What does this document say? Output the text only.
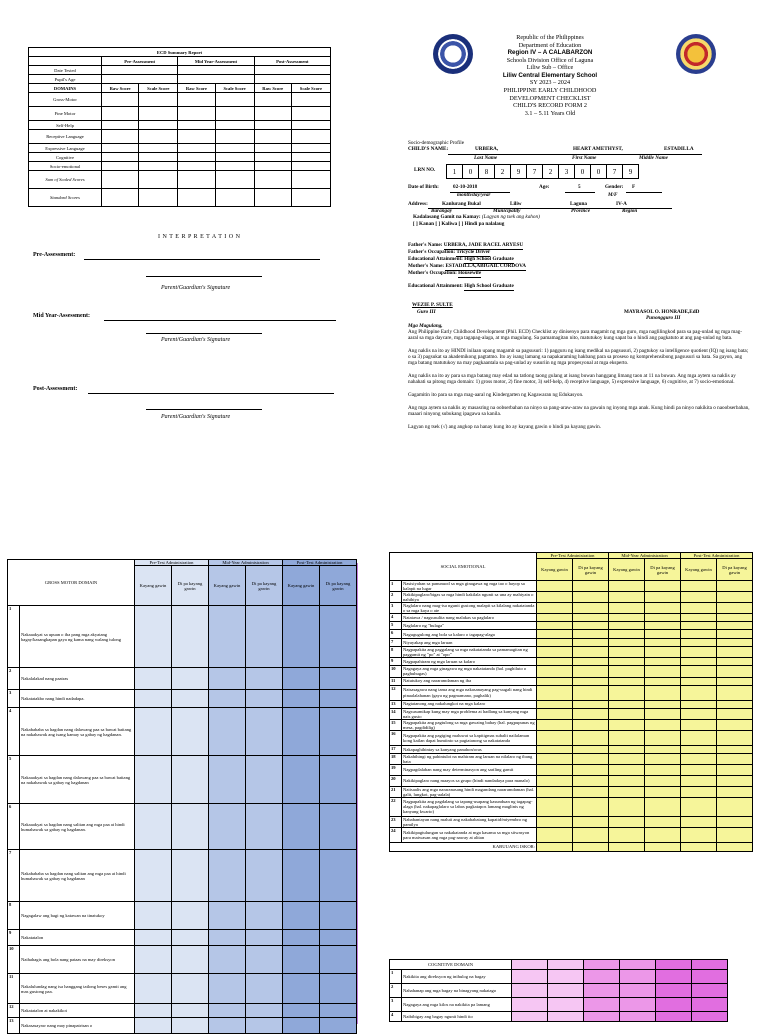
ECD Summary Report						
	Pre-Assessment		Mid Year-Assessment		Post-Assessment	
Date Tested						
Pupil's Age						
DOMAINS	Raw Score	Scale Score	Raw Score	Scale Score	Raw Score	Scale Score
Gross-Motor						
Fine Motor						
Self-Help						
Receptive Language						
Expressive Language						
Cognitive						
Socio-emotional						
Sum of Scaled Scores						
Standard Scores						
I N T E R P R E T A T I O N
Pre-Assessment:
Parent/Guardian's Signature
Mid Year-Assessment:
Parent/Guardian's Signature
Post-Assessment:
Parent/Guardian's Signature
Republic of the Philippines
Department of Education
Region IV – A CALABARZON
Schools Division Office of Laguna
Liliw Sub – Office
Liliw Central Elementary School
SY 2023 – 2024
PHILIPPINE EARLY CHILDHOOD
DEVELOPMENT CHECKLIST
CHILD'S RECORD FORM 2
3.1 – 5.11 Years Old
Socio-demographic Profile
CHILD'S NAME:	URBERA,	HEART AMETHYST,	ESTADILLA
Last Name	First Name	Middle Name
LRN NO. 1	0	8	2	9	7	2	3	0	0	7	9
Date of Birth:	02-10-2018
month/day/year
Age:	5	Gender: F
M/F
Address:	Kanlurang Bukal	Liliw	Laguna	IV-A
Barangay	Municipality	Province	Region
Kadalasang Gamit na Kamay: (Lagyan ng tsek ang kahon)
[ ] Kanan [ ] Kaliwa [ ] Hindi pa nalalaug
Father's Name: URBERA, JADE RACEL ARYESU
Father's Occupation: Tricycle Driver
Educational Attainment: High School Graduate
Mother's Name: ESTADILLA,ABIGAIL CORDOVA
Mother's Occupation: Housewife
Educational Attainment: High School Graduate
WEZIE P. SULTE
Guro III	MAYRASOL O. HONRADE,EdD
Punongguro III
Mga Magulang,
Ang Philippine Early Childhood Development (Phil. ECD) Checklist ay dinisenyo para magamit ng mga guro, mga naglilingkod para sa pag-unlad ng mga mag-aaral sa mga daycare, mga tagapag-alaga, at mga magulang. Sa pamamagitan nito, matutukoy kung sapat ba o hindi ang pagkatuto at ang pag-unlad ng bata.
Ang naklis na ito ay HINDI inilaan upang magamit sa pagsusuri: 1) pagguru ng isang medikal na pagsusuri, 2) pagtukoy sa intelligence quotient (IQ) ng isang bata; o sa 3) pagsukat sa akademikong pagtatmo. Ito ay isang lamang sa napakaraming hakbang para sa proseso ng komprehensibong pagsusuri sa bata. Sa gayon, ang mga batang matutukoy na may pagkaantala sa pag-unlad ay susuriin ng mga propesyonal at mga eksperto.
Ang naklis na ito ay para sa mga batang may edad na tatlong taong gulang at isang buwan hanggang limang taon at 11 na buwan. Ang mga aytem sa naklis ay nahahati sa pitong mga domain: 1) gross motor, 2) fine motor, 3) self-help, 4) receptive language, 5) expressive language, 6) cognitive, at 7) socio-emotional.
Gagamitin ito para sa mga mag-aaral ng Kindergarten ng Kagawaran ng Edukasyon.
Ang mga aytem sa naklis ay masasring na oobserbahan na ninyo sa pang-araw-araw na gawain ng inyong mga anak. Kung hindi pa ninyo nakikita o naoobserbahan, maaari ninyong subukang ipagawa sa kanila.
Lagyan ng tsek (√) ang angkop na hanay kung ito ay kayang gawin o hindi pa kayang gawin.
GROSS MOTOR DOMAIN		Pre-Test Administration		Mid-Year Administration		Post-Test Administration	
		Kayang gawin	Di pa kayang gawin	Kayang gawin	Di pa kayang gawin	Kayang gawin	Di pa kayang gawin
1	Nakaaakyat sa upuan o iba pang mga akyatang bagay/kasangkapan gaya ng kama nang walang tulong						
2	Nakalalakad nang paatras						
3	Nakatatakbo nang hindi nadadapa.						
4	Nakabababa sa hagdan nang dalawang paa sa bawat baitang na nakahawak ang isang kamay sa gabay ng hagdanan.						
5	Nakaaakyat sa hagdan nang dalawang paa sa bawat baitang na nakahawak sa gabay ng hagdanan						
6	Nakaaakyat sa hagdan nang salitan ang mga paa at hindi humahawak sa gabay ng hagdanan.						
7	Nakabababa sa hagdan nang salitan ang mga paa at hindi humahawak sa gabay ng hagdanan						
8	Nagagalaw ang bagi ng katawan na tinatukoy						
9	Nakatatalon						
10	Naihahagis ang bola nang pataas na may direksyon						
11	Nakalulundag nang isa hanggang tatlong beses gamit ang mas gustong paa.						
12	Nakatatalon at nakakikot						
13	Nakasasayaw nang may pinapatrisan o						
SOCIAL EMOTIONAL		Pre-Test Administration		Mid-Year Administration		Post-Test Administration	
		Kayang gawin	Di pa kayang gawin	Kayang gawin	Di pa kayang gawin	Kayang gawin	Di pa kayang gawin
1	Nasisiyahan sa panunuod sa mga ginagawa ng mga tao o hayop sa kalapit na lugar						
2	Nakikipaglaro/bigas sa mga hindi kakilala ngunit sa una ay mahiyain o nahihiya						
3	Naglalaro nang mag-isa ngunit gustong malapit sa kilalang nakatatanda o sa mga kaya o ate						
4	Natatawa / nagsusulita nang malakas sa paglalaro						
5	Naglalaro ng "bulaga"						
6	Nagugugulong ang bola sa kalaro o tagapag-alaga						
7	Niyayakap ang mga laruan						
8	Nagpapakita ang paggalang sa mga nakatatanda sa pamamagitan ng paggamit ng "po" at "opo"						
9	Nagpapahiram ng mga laruan sa kalaro						
10	Nagagaya ang mga ginagawa ng mga nakatatanda (hal. paghiluto o paghuhugas)						
11	Natutukoy ang nararamdaman ng iba						
12	Naisasagawa nang tama ang mga nakasanayang pag-uugali nang hindi pinaalalahanan (gaya ng pagmamano, paghalik)						
13	Nagtatanong ang nakalungkot na mga kalaro						
14	Nagsusumikap kung may mga problema at hadlang sa kanyang mga nais gusto						
15	Nagpapakita ang pagtulong sa mga gawaing bahay (hal. pagpupunas ng mesa, pagdidilig)						
16	Nagpapakita ang pagiging maluwat sa kapitigmas subalit nailalaman kong kailan dapat humiinto sa pagtatanong sa nakatatanda						
17	Nakapaghihintay sa kanyang panahon/oras						
18	Nakahihingi ng pahintulot na mahiram ang laruan na nilalaro ng ibang bata						
19	Nagpagdalaban nang may determinasyon ang sariling gamit						
20	Nakikipaglaro nang maayos sa grupo (hindi nandadaya para manalo)						
21	Naiisaalis ang mga nararanasang hindi magandang nararamdaman (hal. galit, lungkot, pag-aalala)						
22	Nagpapakita ang pagdalang sa tapang-usapang kasunduan ng tagapag-alaga (hal. nakapaglalaro sa labas pagkatapos lamang maglinis ng kanyang kwarto)						
23	Nababantayan nang maluti ang nakababatang kapatid/miyembro ng pamilya						
24	Nakikipagtulungan sa nakakatanda at mga kasama sa mga sitwasyon para maiwasan ang mga pag-aaway at alitan						
KABUUANG ISKOR:							
COGNITIVE DOMAIN							
1	Nakikita ang direksyon ng inihulog na bagay						
2	Nahahanap ang mga bagay na binagyang nakatago						
3	Nagagaya ang mga kilos na nakikita pa lamang						
4	Naibibigay ang bagay ngunit hindi ito						
